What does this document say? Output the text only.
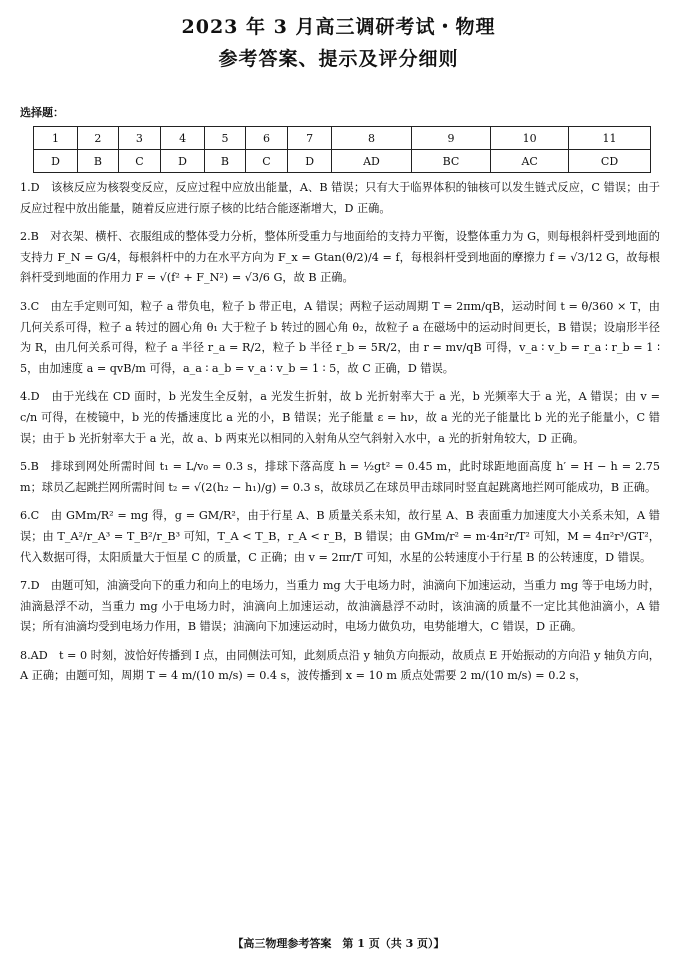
2023 年 3 月高三调研考试・物理
参考答案、提示及评分细则
选择题：
1	2	3	4	5	6	7	8	9	10	11
D	B	C	D	B	C	D	AD	BC	AC	CD

1.D　该核反应为核裂变反应，反应过程中应放出能量，A、B 错误；只有大于临界体积的铀核可以发生链式反应，C 错误；由于反应过程中放出能量，随着反应进行原子核的比结合能逐渐增大，D 正确。

2.B　对衣架、横杆、衣服组成的整体受力分析，整体所受重力与地面给的支持力平衡，设整体重力为 G，则每根斜杆受到地面的支持力 F_N = G/4，每根斜杆中的力在水平方向为 F_x = Gtan(θ/2)/4 = f，每根斜杆受到地面的摩擦力 f = √3/12 G，故每根斜杆受到地面的作用力 F = √(f² + F_N²) = √3/6 G，故 B 正确。

3.C　由左手定则可知，粒子 a 带负电，粒子 b 带正电，A 错误；两粒子运动周期 T = 2πm/qB，运动时间 t = θ/360 × T，由几何关系可得，粒子 a 转过的圆心角 θ₁ 大于粒子 b 转过的圆心角 θ₂，故粒子 a 在磁场中的运动时间更长，B 错误；设扇形半径为 R，由几何关系可得，粒子 a 半径 r_a = R/2，粒子 b 半径 r_b = 5R/2，由 r = mv/qB 可得，v_a ∶ v_b = r_a ∶ r_b = 1 ∶ 5，由加速度 a = qvB/m 可得，a_a ∶ a_b = v_a ∶ v_b = 1 ∶ 5，故 C 正确，D 错误。

4.D　由于光线在 CD 面时，b 光发生全反射，a 光发生折射，故 b 光折射率大于 a 光，b 光频率大于 a 光，A 错误；由 v = c/n 可得，在棱镜中，b 光的传播速度比 a 光的小，B 错误；光子能量 ε = hν，故 a 光的光子能量比 b 光的光子能量小，C 错误；由于 b 光折射率大于 a 光，故 a、b 两束光以相同的入射角从空气斜射入水中，a 光的折射角较大，D 正确。

5.B　排球到网处所需时间 t₁ = L/v₀ = 0.3 s，排球下落高度 h = ½gt² = 0.45 m，此时球距地面高度 h′ = H − h = 2.75 m；球员乙起跳拦网所需时间 t₂ = √(2(h₂ − h₁)/g) = 0.3 s，故球员乙在球员甲击球同时竖直起跳离地拦网可能成功，B 正确。

6.C　由 GMm/R² = mg 得，g = GM/R²，由于行星 A、B 质量关系未知，故行星 A、B 表面重力加速度大小关系未知，A 错误；由 T_A²/r_A³ = T_B²/r_B³ 可知，T_A < T_B，r_A < r_B，B 错误；由 GMm/r² = m·4π²r/T² 可知，M = 4π²r³/GT²，代入数据可得，太阳质量大于恒星 C 的质量，C 正确；由 v = 2πr/T 可知，水星的公转速度小于行星 B 的公转速度，D 错误。

7.D　由题可知，油滴受向下的重力和向上的电场力，当重力 mg 大于电场力时，油滴向下加速运动，当重力 mg 等于电场力时，油滴悬浮不动，当重力 mg 小于电场力时，油滴向上加速运动，故油滴悬浮不动时，该油滴的质量不一定比其他油滴小，A 错误；所有油滴均受到电场力作用，B 错误；油滴向下加速运动时，电场力做负功，电势能增大，C 错误，D 正确。

8.AD　t = 0 时刻，波恰好传播到 I 点，由同侧法可知，此刻质点沿 y 轴负方向振动，故质点 E 开始振动的方向沿 y 轴负方向，A 正确；由题可知，周期 T = 4 m/(10 m/s) = 0.4 s，波传播到 x = 10 m 质点处需要 2 m/(10 m/s) = 0.2 s，

【高三物理参考答案　第 1 页（共 3 页）】
